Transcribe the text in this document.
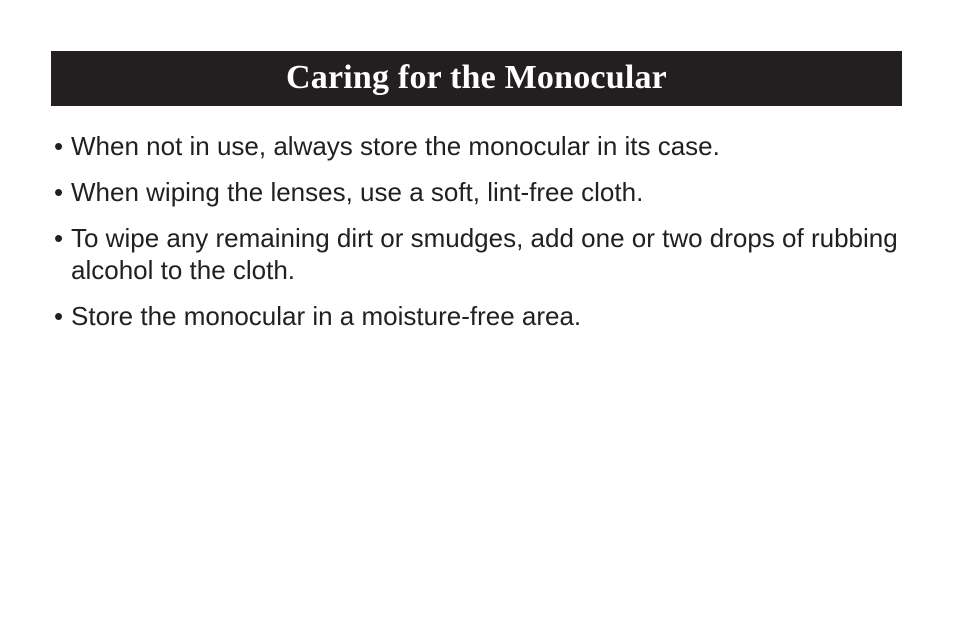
Caring for the Monocular
• When not in use, always store the monocular in its case.
• When wiping the lenses, use a soft, lint-free cloth.
• To wipe any remaining dirt or smudges, add one or two drops of rubbing alcohol to the cloth.
• Store the monocular in a moisture-free area.
